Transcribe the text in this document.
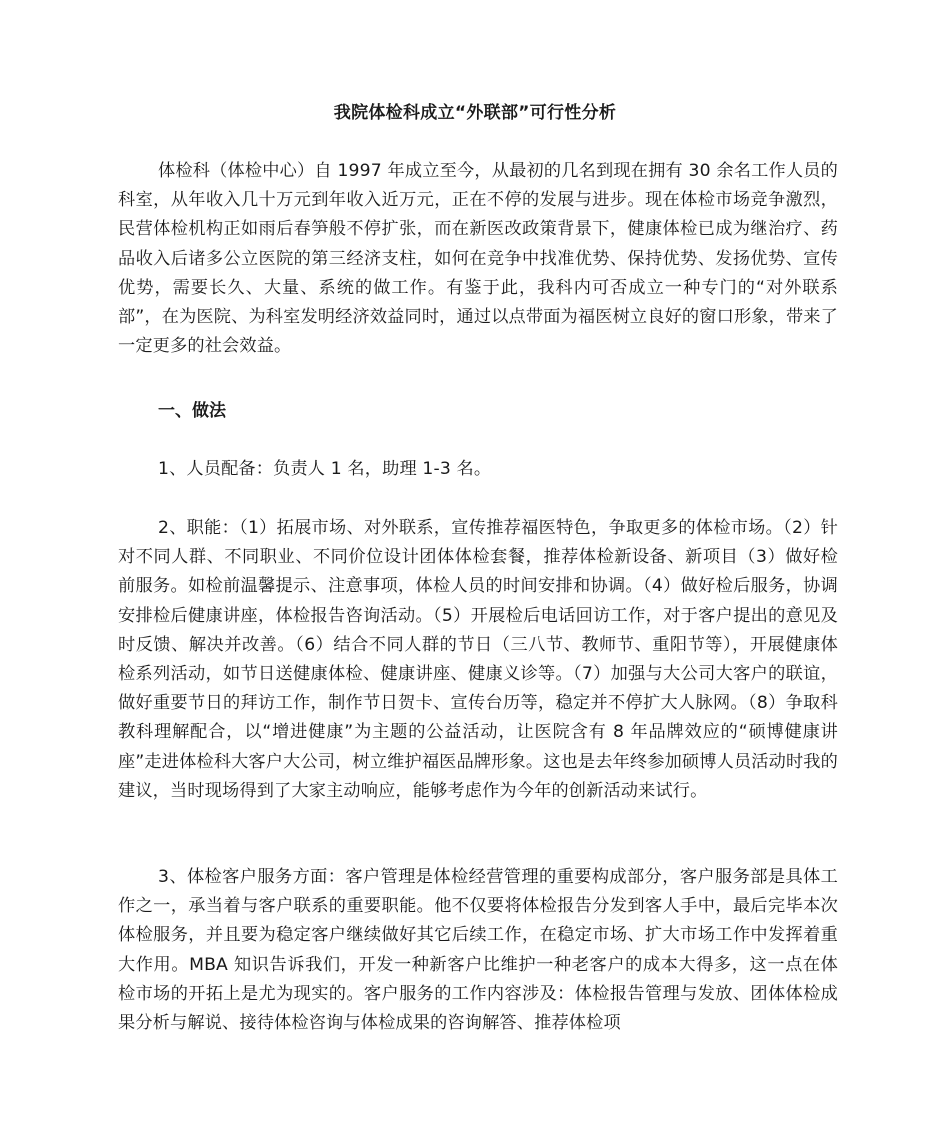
我院体检科成立“外联部”可行性分析
体检科（体检中心）自 1997 年成立至今，从最初的几名到现在拥有 30 余名工作人员的科室，从年收入几十万元到年收入近万元，正在不停的发展与进步。现在体检市场竞争激烈，民营体检机构正如雨后春笋般不停扩张，而在新医改政策背景下，健康体检已成为继治疗、药品收入后诸多公立医院的第三经济支柱，如何在竞争中找准优势、保持优势、发扬优势、宣传优势，需要长久、大量、系统的做工作。有鉴于此，我科内可否成立一种专门的“对外联系部”，在为医院、为科室发明经济效益同时，通过以点带面为福医树立良好的窗口形象，带来了一定更多的社会效益。
一、做法
1、人员配备：负责人 1 名，助理 1-3 名。
2、职能：（1）拓展市场、对外联系，宣传推荐福医特色，争取更多的体检市场。（2）针对不同人群、不同职业、不同价位设计团体体检套餐，推荐体检新设备、新项目（3）做好检前服务。如检前温馨提示、注意事项，体检人员的时间安排和协调。（4）做好检后服务，协调安排检后健康讲座，体检报告咨询活动。（5）开展检后电话回访工作，对于客户提出的意见及时反馈、解决并改善。（6）结合不同人群的节日（三八节、教师节、重阳节等），开展健康体检系列活动，如节日送健康体检、健康讲座、健康义诊等。（7）加强与大公司大客户的联谊，做好重要节日的拜访工作，制作节日贺卡、宣传台历等，稳定并不停扩大人脉网。（8）争取科教科理解配合，以“增进健康”为主题的公益活动，让医院含有 8 年品牌效应的“硕博健康讲座”走进体检科大客户大公司，树立维护福医品牌形象。这也是去年终参加硕博人员活动时我的建议，当时现场得到了大家主动响应，能够考虑作为今年的创新活动来试行。
3、体检客户服务方面：客户管理是体检经营管理的重要构成部分，客户服务部是具体工作之一，承当着与客户联系的重要职能。他不仅要将体检报告分发到客人手中，最后完毕本次体检服务，并且要为稳定客户继续做好其它后续工作，在稳定市场、扩大市场工作中发挥着重大作用。MBA 知识告诉我们，开发一种新客户比维护一种老客户的成本大得多，这一点在体检市场的开拓上是尤为现实的。客户服务的工作内容涉及：体检报告管理与发放、团体体检成果分析与解说、接待体检咨询与体检成果的咨询解答、推荐体检项
